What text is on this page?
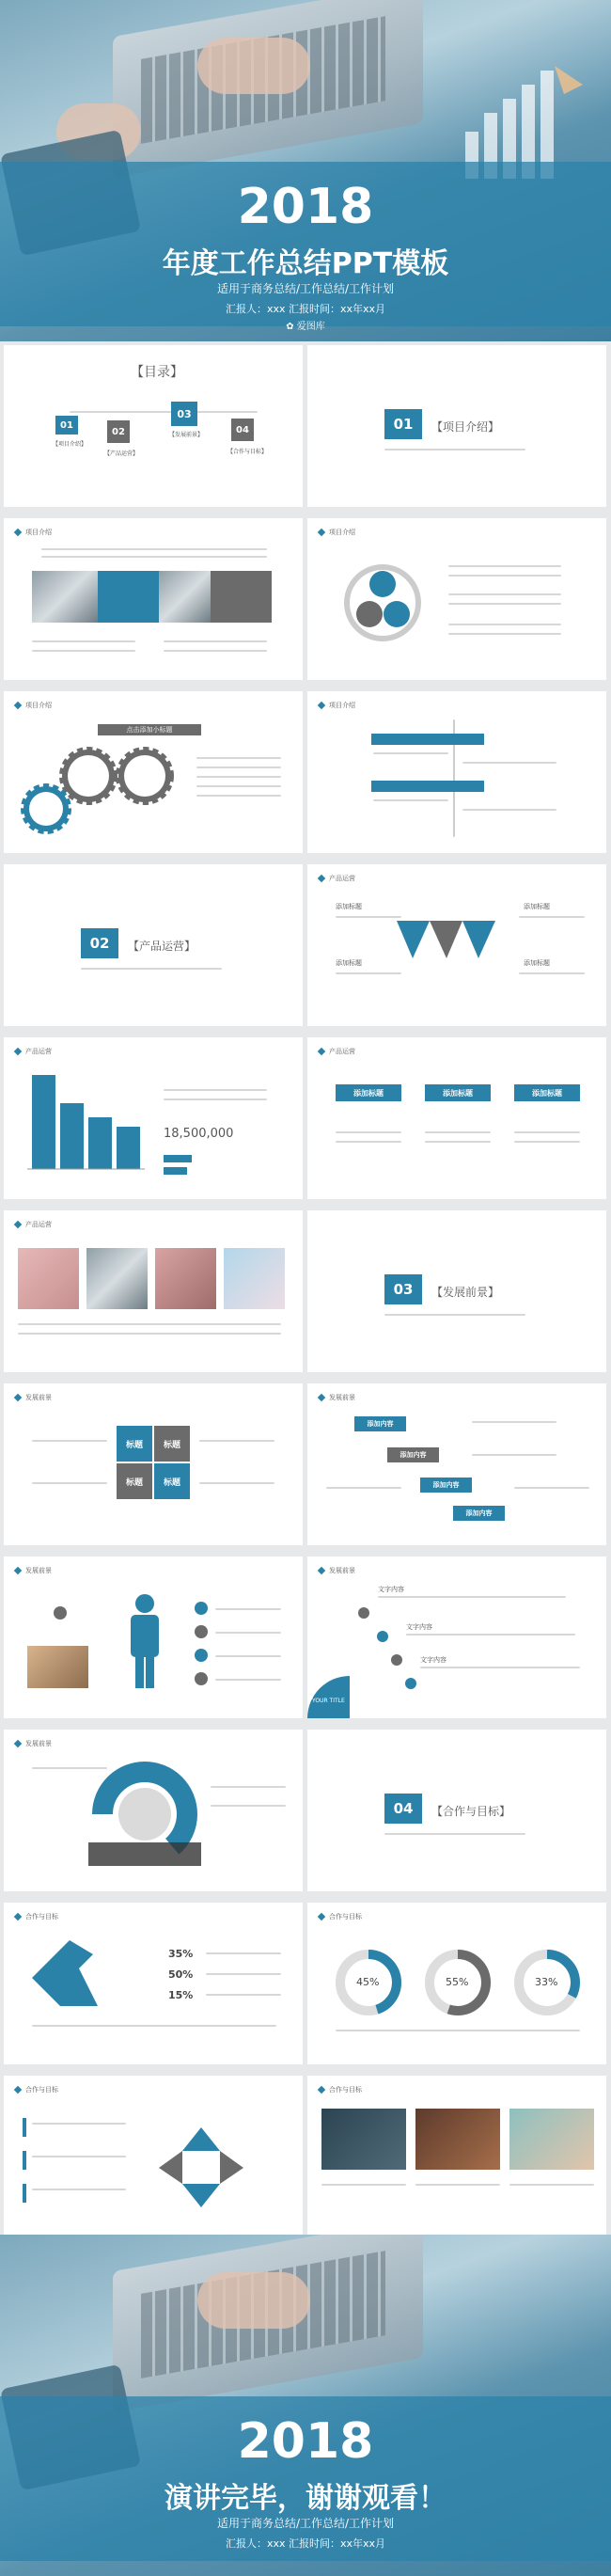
2018
年度工作总结PPT模板
适用于商务总结/工作总结/工作计划
汇报人：xxx 汇报时间：xx年xx月
✿ 爱图库
【目录】
01
【项目介绍】
02
【产品运营】
03
【发展前景】	04
【合作与目标】
01	【项目介绍】
项目介绍	项目介绍
项目介绍
点击添加小标题
项目介绍
02	【产品运营】
产品运营
添加标题	添加标题
添加标题	添加标题
产品运营
18,500,000
产品运营
添加标题	添加标题	添加标题
产品运营
03	【发展前景】
发展前景
标题	标题
标题	标题
发展前景
添加内容
添加内容
添加内容
添加内容
发展前景	发展前景
YOUR TITLE
文字内容
文字内容
文字内容
发展前景
04	【合作与目标】
合作与目标
35%
50%
15%
合作与目标
45%	55%	33%
合作与目标	合作与目标
2018
演讲完毕，谢谢观看！
适用于商务总结/工作总结/工作计划
汇报人：xxx 汇报时间：xx年xx月
